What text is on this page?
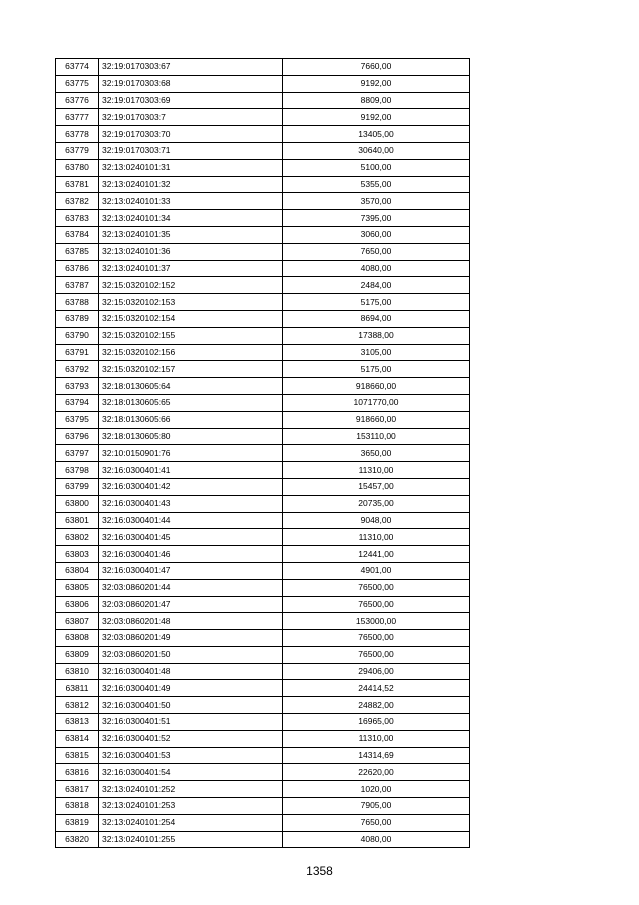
63774	32:19:0170303:67	7660,00
63775	32:19:0170303:68	9192,00
63776	32:19:0170303:69	8809,00
63777	32:19:0170303:7	9192,00
63778	32:19:0170303:70	13405,00
63779	32:19:0170303:71	30640,00
63780	32:13:0240101:31	5100,00
63781	32:13:0240101:32	5355,00
63782	32:13:0240101:33	3570,00
63783	32:13:0240101:34	7395,00
63784	32:13:0240101:35	3060,00
63785	32:13:0240101:36	7650,00
63786	32:13:0240101:37	4080,00
63787	32:15:0320102:152	2484,00
63788	32:15:0320102:153	5175,00
63789	32:15:0320102:154	8694,00
63790	32:15:0320102:155	17388,00
63791	32:15:0320102:156	3105,00
63792	32:15:0320102:157	5175,00
63793	32:18:0130605:64	918660,00
63794	32:18:0130605:65	1071770,00
63795	32:18:0130605:66	918660,00
63796	32:18:0130605:80	153110,00
63797	32:10:0150901:76	3650,00
63798	32:16:0300401:41	11310,00
63799	32:16:0300401:42	15457,00
63800	32:16:0300401:43	20735,00
63801	32:16:0300401:44	9048,00
63802	32:16:0300401:45	11310,00
63803	32:16:0300401:46	12441,00
63804	32:16:0300401:47	4901,00
63805	32:03:0860201:44	76500,00
63806	32:03:0860201:47	76500,00
63807	32:03:0860201:48	153000,00
63808	32:03:0860201:49	76500,00
63809	32:03:0860201:50	76500,00
63810	32:16:0300401:48	29406,00
63811	32:16:0300401:49	24414,52
63812	32:16:0300401:50	24882,00
63813	32:16:0300401:51	16965,00
63814	32:16:0300401:52	11310,00
63815	32:16:0300401:53	14314,69
63816	32:16:0300401:54	22620,00
63817	32:13:0240101:252	1020,00
63818	32:13:0240101:253	7905,00
63819	32:13:0240101:254	7650,00
63820	32:13:0240101:255	4080,00
1358
